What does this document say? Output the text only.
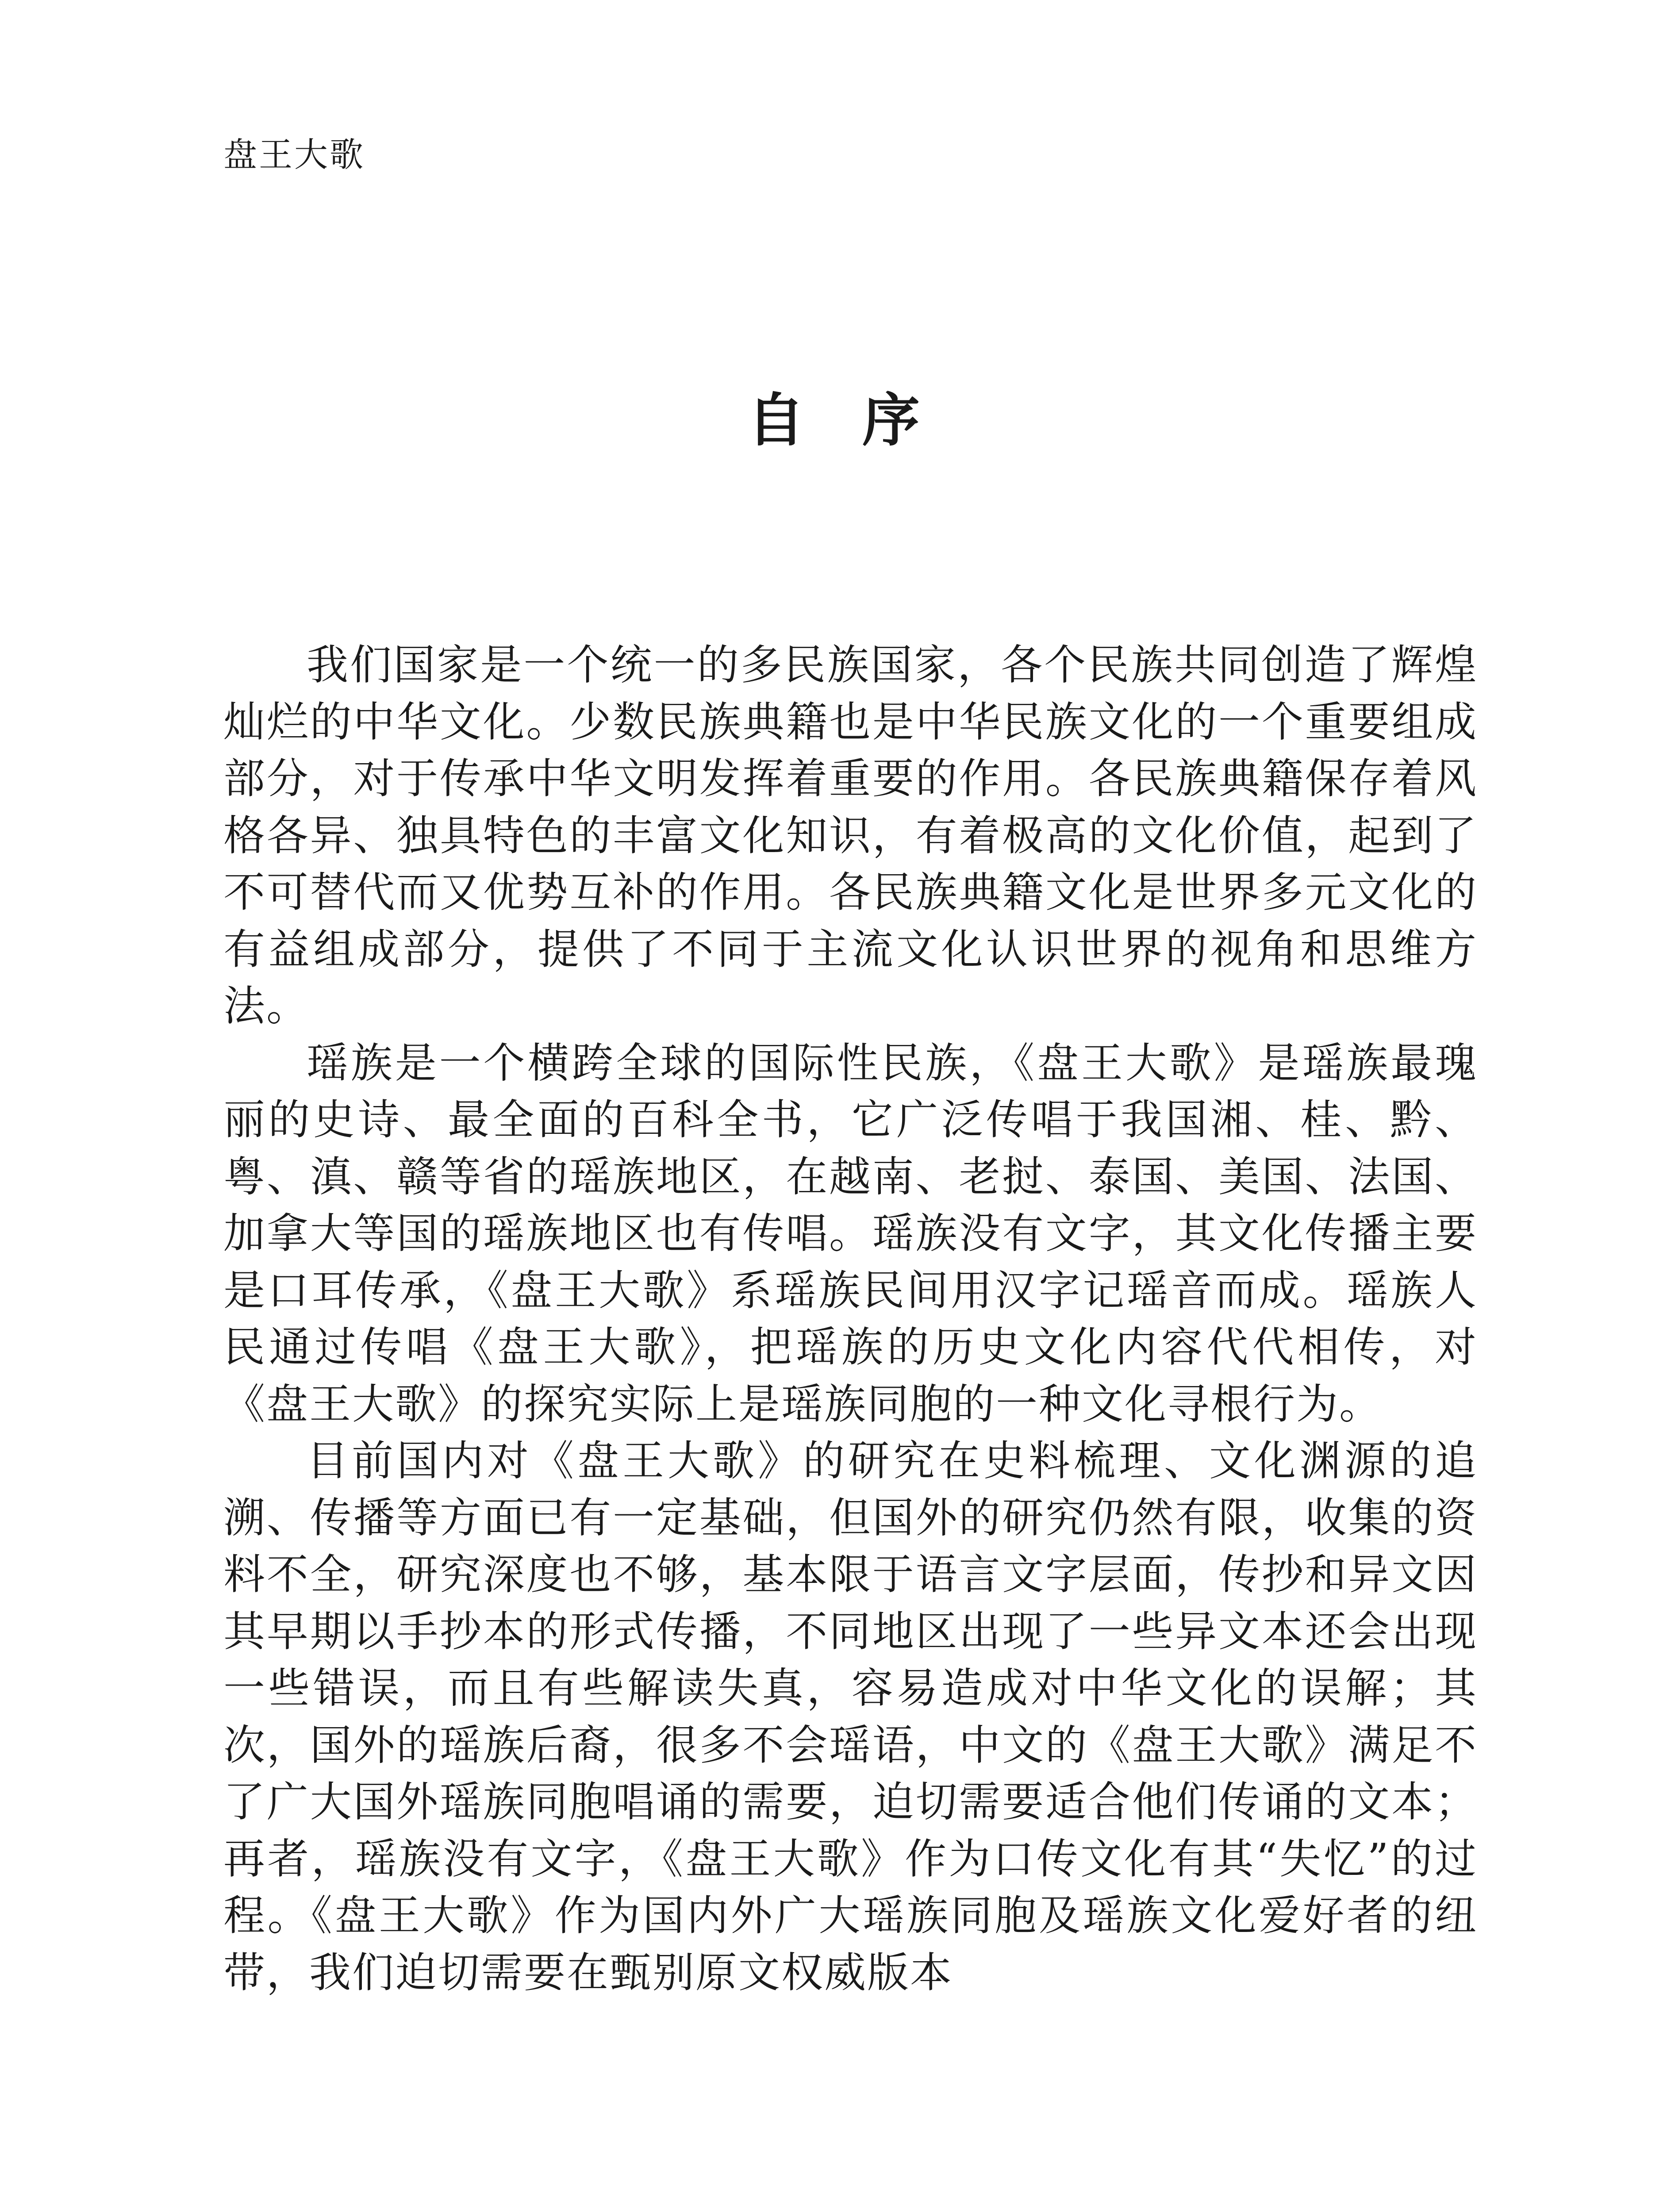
盘王大歌
自序

我们国家是一个统一的多民族国家，各个民族共同创造了辉煌灿烂的中华文化。少数民族典籍也是中华民族文化的一个重要组成部分，对于传承中华文明发挥着重要的作用。各民族典籍保存着风格各异、独具特色的丰富文化知识，有着极高的文化价值，起到了不可替代而又优势互补的作用。各民族典籍文化是世界多元文化的有益组成部分，提供了不同于主流文化认识世界的视角和思维方法。

瑶族是一个横跨全球的国际性民族，《盘王大歌》是瑶族最瑰丽的史诗、最全面的百科全书，它广泛传唱于我国湘、桂、黔、粤、滇、赣等省的瑶族地区，在越南、老挝、泰国、美国、法国、加拿大等国的瑶族地区也有传唱。瑶族没有文字，其文化传播主要是口耳传承，《盘王大歌》系瑶族民间用汉字记瑶音而成。瑶族人民通过传唱《盘王大歌》，把瑶族的历史文化内容代代相传，对《盘王大歌》的探究实际上是瑶族同胞的一种文化寻根行为。

目前国内对《盘王大歌》的研究在史料梳理、文化渊源的追溯、传播等方面已有一定基础，但国外的研究仍然有限，收集的资料不全，研究深度也不够，基本限于语言文字层面，传抄和异文因其早期以手抄本的形式传播，不同地区出现了一些异文本还会出现一些错误，而且有些解读失真，容易造成对中华文化的误解；其次，国外的瑶族后裔，很多不会瑶语，中文的《盘王大歌》满足不了广大国外瑶族同胞唱诵的需要，迫切需要适合他们传诵的文本；再者，瑶族没有文字，《盘王大歌》作为口传文化有其“失忆”的过程。《盘王大歌》作为国内外广大瑶族同胞及瑶族文化爱好者的纽带，我们迫切需要在甄别原文权威版本
